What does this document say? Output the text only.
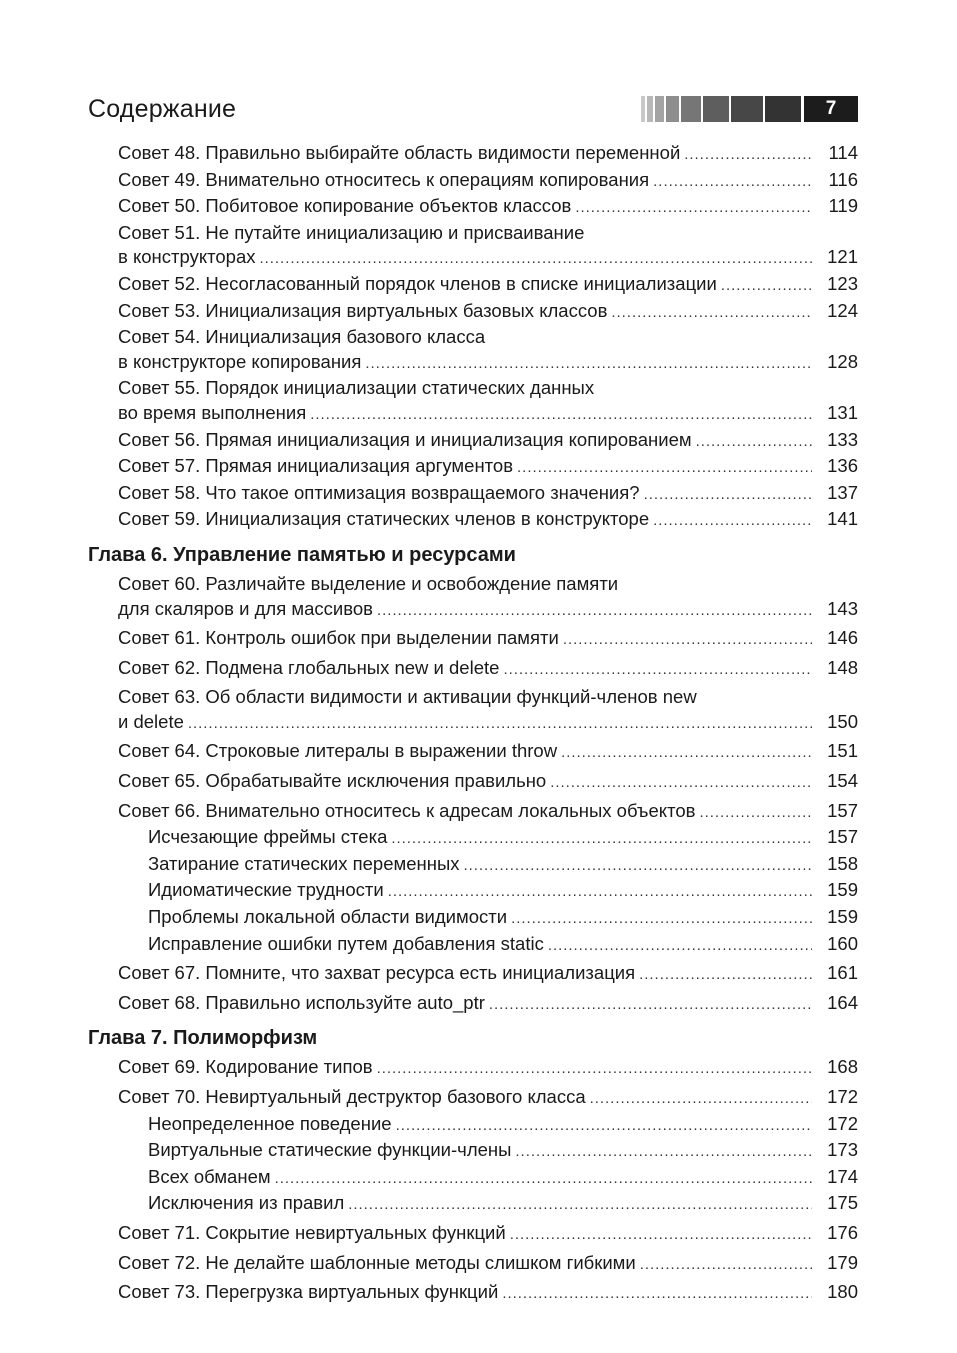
Содержание	7
Совет 48. Правильно выбирайте область видимости переменной . . .	114
Совет 49. Внимательно относитесь к операциям копирования . . .	116
Совет 50. Побитовое копирование объектов классов . . .	119
Совет 51. Не путайте инициализацию и присваивание
в конструкторах . . .	121
Совет 52. Несогласованный порядок членов в списке инициализации . . .	123
Совет 53. Инициализация виртуальных базовых классов . . .	124
Совет 54. Инициализация базового класса
в конструкторе копирования . . .	128
Совет 55. Порядок инициализации статических данных
во время выполнения . . .	131
Совет 56. Прямая инициализация и инициализация копированием . . .	133
Совет 57. Прямая инициализация аргументов . . .	136
Совет 58. Что такое оптимизация возвращаемого значения? . . .	137
Совет 59. Инициализация статических членов в конструкторе . . .	141
Глава 6. Управление памятью и ресурсами
Совет 60. Различайте выделение и освобождение памяти
для скаляров и для массивов . . .	143
Совет 61. Контроль ошибок при выделении памяти . . .	146
Совет 62. Подмена глобальных new и delete . . .	148
Совет 63. Об области видимости и активации функций-членов new
и delete . . .	150
Совет 64. Строковые литералы в выражении throw . . .	151
Совет 65. Обрабатывайте исключения правильно . . .	154
Совет 66. Внимательно относитесь к адресам локальных объектов . . .	157
Исчезающие фреймы стека . . .	157
Затирание статических переменных . . .	158
Идиоматические трудности . . .	159
Проблемы локальной области видимости . . .	159
Исправление ошибки путем добавления static . . .	160
Совет 67. Помните, что захват ресурса есть инициализация . . .	161
Совет 68. Правильно используйте auto_ptr . . .	164
Глава 7. Полиморфизм
Совет 69. Кодирование типов . . .	168
Совет 70. Невиртуальный деструктор базового класса . . .	172
Неопределенное поведение . . .	172
Виртуальные статические функции-члены . . .	173
Всех обманем . . .	174
Исключения из правил . . .	175
Совет 71. Сокрытие невиртуальных функций . . .	176
Совет 72. Не делайте шаблонные методы слишком гибкими . . .	179
Совет 73. Перегрузка виртуальных функций . . .	180
